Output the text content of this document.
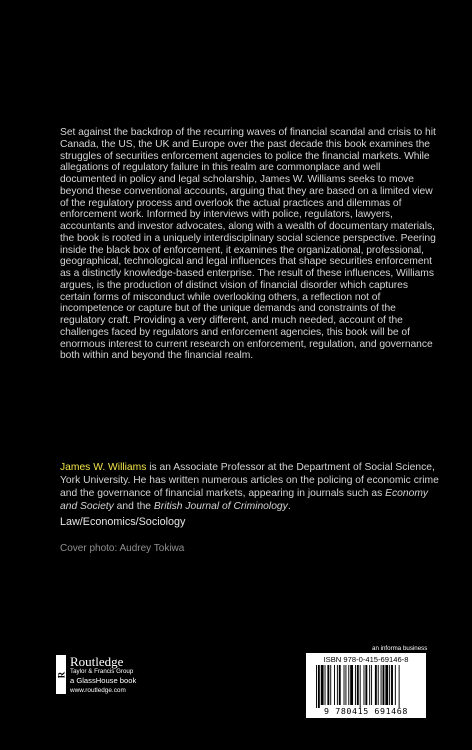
Set against the backdrop of the recurring waves of financial scandal and crisis to hit Canada, the US, the UK and Europe over the past decade this book examines the struggles of securities enforcement agencies to police the financial markets. While allegations of regulatory failure in this realm are commonplace and well documented in policy and legal scholarship, James W. Williams seeks to move beyond these conventional accounts, arguing that they are based on a limited view of the regulatory process and overlook the actual practices and dilemmas of enforcement work. Informed by interviews with police, regulators, lawyers, accountants and investor advocates, along with a wealth of documentary materials, the book is rooted in a uniquely interdisciplinary social science perspective. Peering inside the black box of enforcement, it examines the organizational, professional, geographical, technological and legal influences that shape securities enforcement as a distinctly knowledge-based enterprise. The result of these influences, Williams argues, is the production of distinct vision of financial disorder which captures certain forms of misconduct while overlooking others, a reflection not of incompetence or capture but of the unique demands and constraints of the regulatory craft. Providing a very different, and much needed, account of the challenges faced by regulators and enforcement agencies, this book will be of enormous interest to current research on enforcement, regulation, and governance both within and beyond the financial realm.
James W. Williams is an Associate Professor at the Department of Social Science, York University. He has written numerous articles on the policing of economic crime and the governance of financial markets, appearing in journals such as Economy and Society and the British Journal of Criminology.
Law/Economics/Sociology
Cover photo: Audrey Tokiwa
R
Routledge
Taylor & Francis Group
a GlassHouse book
www.routledge.com
an informa business
ISBN 978-0-415-69146-8
9 780415 691468
